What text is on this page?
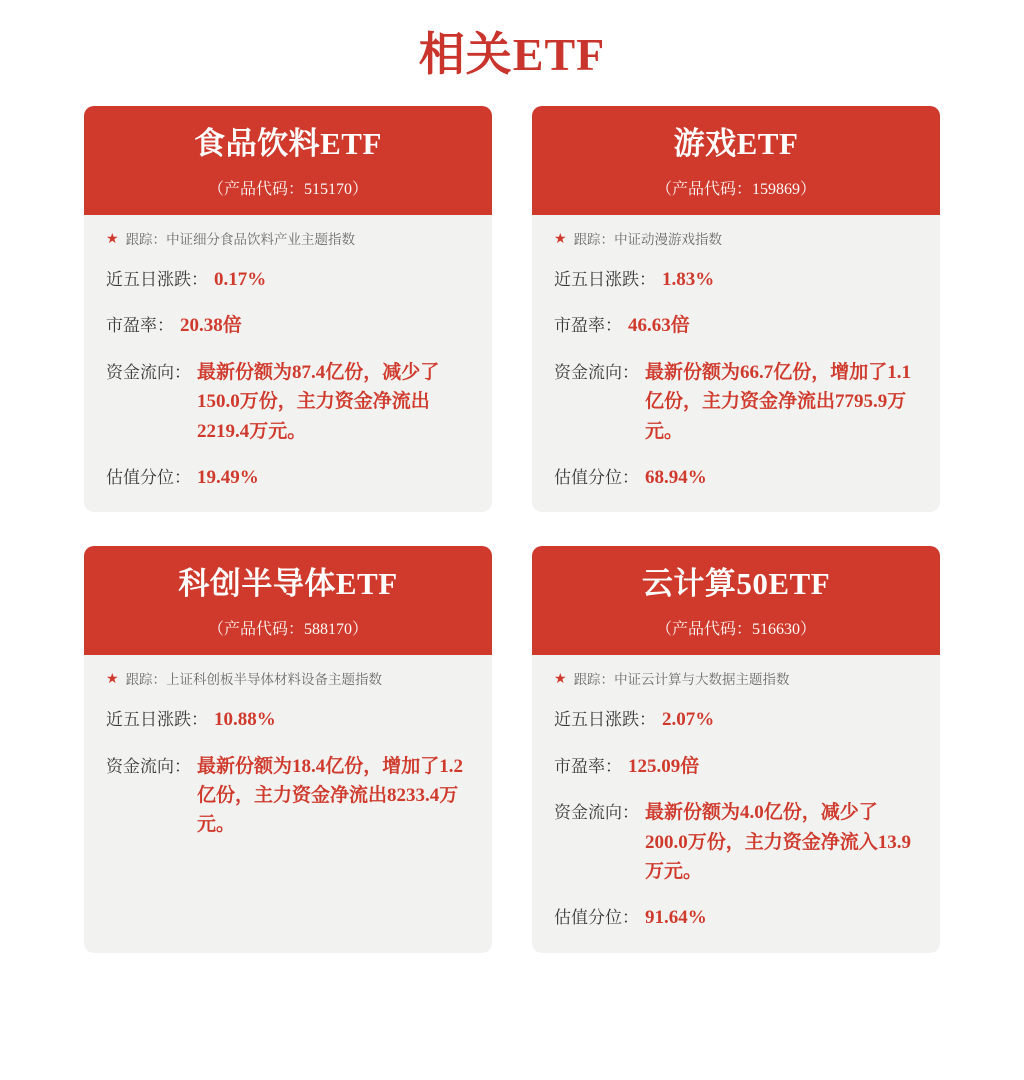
相关ETF
食品饮料ETF
（产品代码：515170）
★ 跟踪：中证细分食品饮料产业主题指数
近五日涨跌： 0.17%
市盈率： 20.38倍
资金流向： 最新份额为87.4亿份，减少了150.0万份，主力资金净流出2219.4万元。
估值分位： 19.49%
游戏ETF
（产品代码：159869）
★ 跟踪：中证动漫游戏指数
近五日涨跌： 1.83%
市盈率： 46.63倍
资金流向： 最新份额为66.7亿份，增加了1.1亿份，主力资金净流出7795.9万元。
估值分位： 68.94%
科创半导体ETF
（产品代码：588170）
★ 跟踪：上证科创板半导体材料设备主题指数
近五日涨跌： 10.88%
资金流向： 最新份额为18.4亿份，增加了1.2亿份，主力资金净流出8233.4万元。
云计算50ETF
（产品代码：516630）
★ 跟踪：中证云计算与大数据主题指数
近五日涨跌： 2.07%
市盈率： 125.09倍
资金流向： 最新份额为4.0亿份，减少了200.0万份，主力资金净流入13.9万元。
估值分位： 91.64%
